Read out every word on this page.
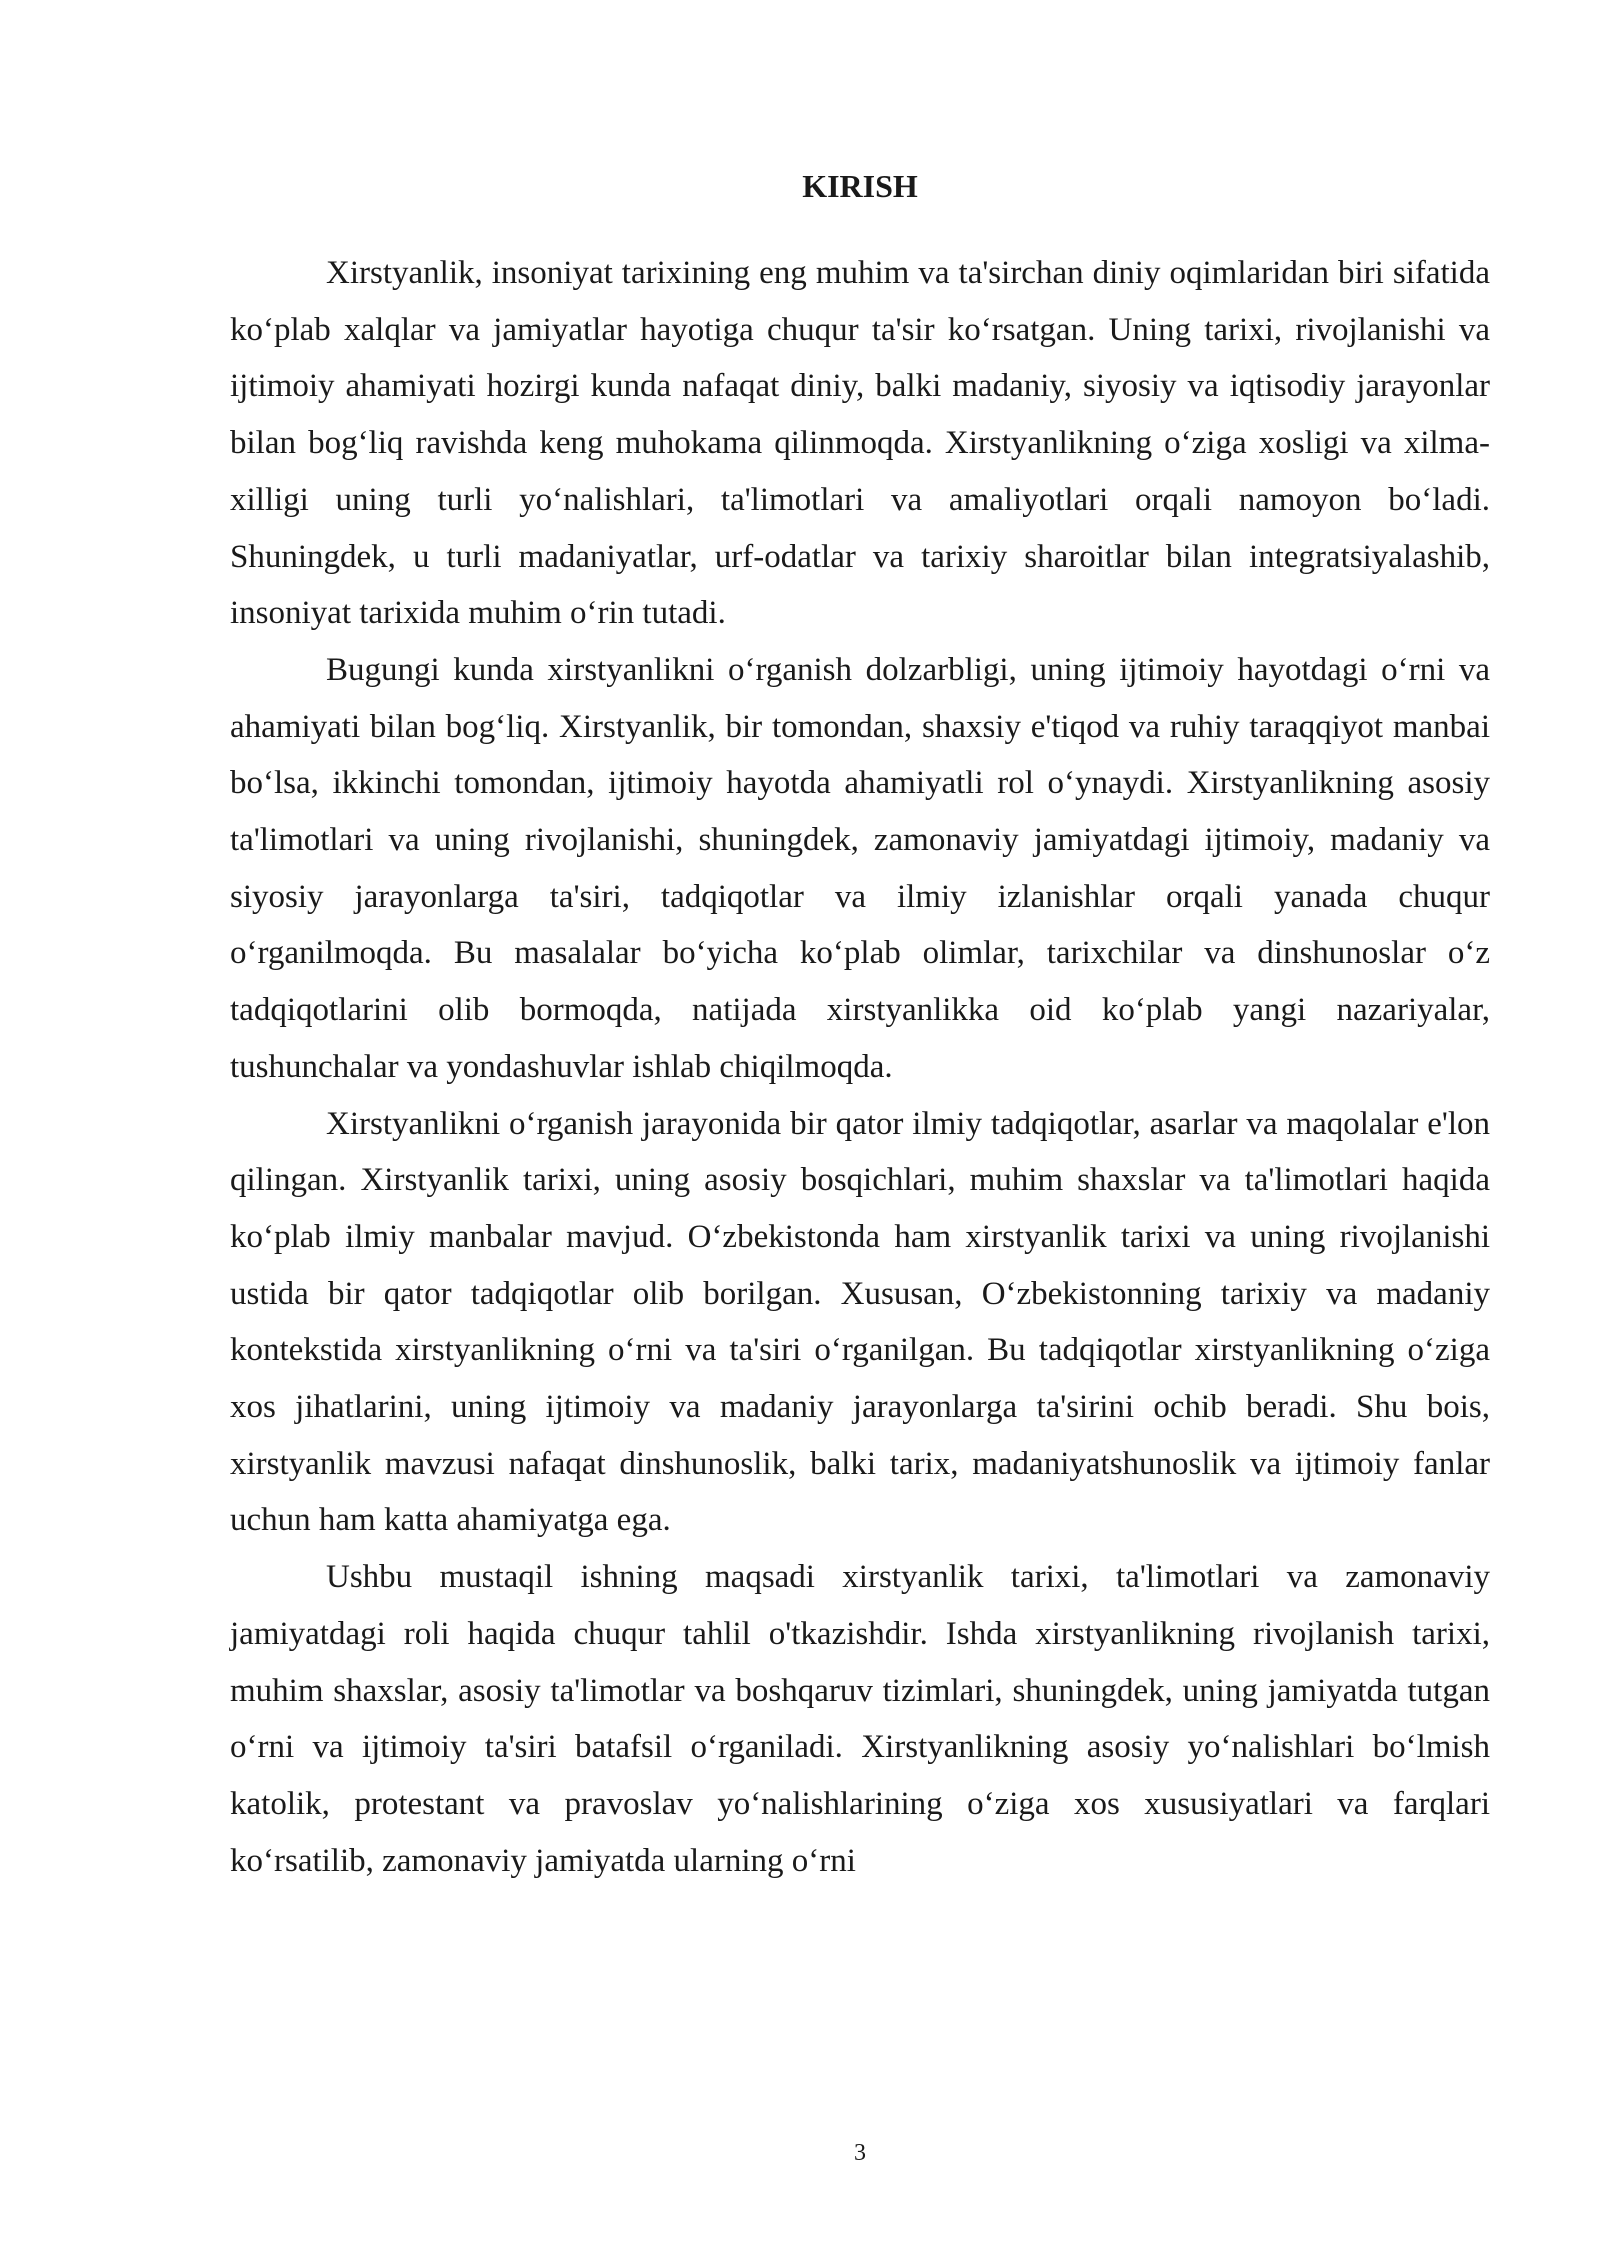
KIRISH

Xirstyanlik, insoniyat tarixining eng muhim va ta'sirchan diniy oqimlaridan biri sifatida ko‘plab xalqlar va jamiyatlar hayotiga chuqur ta'sir ko‘rsatgan. Uning tarixi, rivojlanishi va ijtimoiy ahamiyati hozirgi kunda nafaqat diniy, balki madaniy, siyosiy va iqtisodiy jarayonlar bilan bog‘liq ravishda keng muhokama qilinmoqda. Xirstyanlikning o‘ziga xosligi va xilma-xilligi uning turli yo‘nalishlari, ta'limotlari va amaliyotlari orqali namoyon bo‘ladi. Shuningdek, u turli madaniyatlar, urf-odatlar va tarixiy sharoitlar bilan integratsiyalashib, insoniyat tarixida muhim o‘rin tutadi.

Bugungi kunda xirstyanlikni o‘rganish dolzarbligi, uning ijtimoiy hayotdagi o‘rni va ahamiyati bilan bog‘liq. Xirstyanlik, bir tomondan, shaxsiy e'tiqod va ruhiy taraqqiyot manbai bo‘lsa, ikkinchi tomondan, ijtimoiy hayotda ahamiyatli rol o‘ynaydi. Xirstyanlikning asosiy ta'limotlari va uning rivojlanishi, shuningdek, zamonaviy jamiyatdagi ijtimoiy, madaniy va siyosiy jarayonlarga ta'siri, tadqiqotlar va ilmiy izlanishlar orqali yanada chuqur o‘rganilmoqda. Bu masalalar bo‘yicha ko‘plab olimlar, tarixchilar va dinshunoslar o‘z tadqiqotlarini olib bormoqda, natijada xirstyanlikka oid ko‘plab yangi nazariyalar, tushunchalar va yondashuvlar ishlab chiqilmoqda.

Xirstyanlikni o‘rganish jarayonida bir qator ilmiy tadqiqotlar, asarlar va maqolalar e'lon qilingan. Xirstyanlik tarixi, uning asosiy bosqichlari, muhim shaxslar va ta'limotlari haqida ko‘plab ilmiy manbalar mavjud. O‘zbekistonda ham xirstyanlik tarixi va uning rivojlanishi ustida bir qator tadqiqotlar olib borilgan. Xususan, O‘zbekistonning tarixiy va madaniy kontekstida xirstyanlikning o‘rni va ta'siri o‘rganilgan. Bu tadqiqotlar xirstyanlikning o‘ziga xos jihatlarini, uning ijtimoiy va madaniy jarayonlarga ta'sirini ochib beradi. Shu bois, xirstyanlik mavzusi nafaqat dinshunoslik, balki tarix, madaniyatshunoslik va ijtimoiy fanlar uchun ham katta ahamiyatga ega.

Ushbu mustaqil ishning maqsadi xirstyanlik tarixi, ta'limotlari va zamonaviy jamiyatdagi roli haqida chuqur tahlil o'tkazishdir. Ishda xirstyanlikning rivojlanish tarixi, muhim shaxslar, asosiy ta'limotlar va boshqaruv tizimlari, shuningdek, uning jamiyatda tutgan o‘rni va ijtimoiy ta'siri batafsil o‘rganiladi. Xirstyanlikning asosiy yo‘nalishlari bo‘lmish katolik, protestant va pravoslav yo‘nalishlarining o‘ziga xos xususiyatlari va farqlari ko‘rsatilib, zamonaviy jamiyatda ularning o‘rni

3
